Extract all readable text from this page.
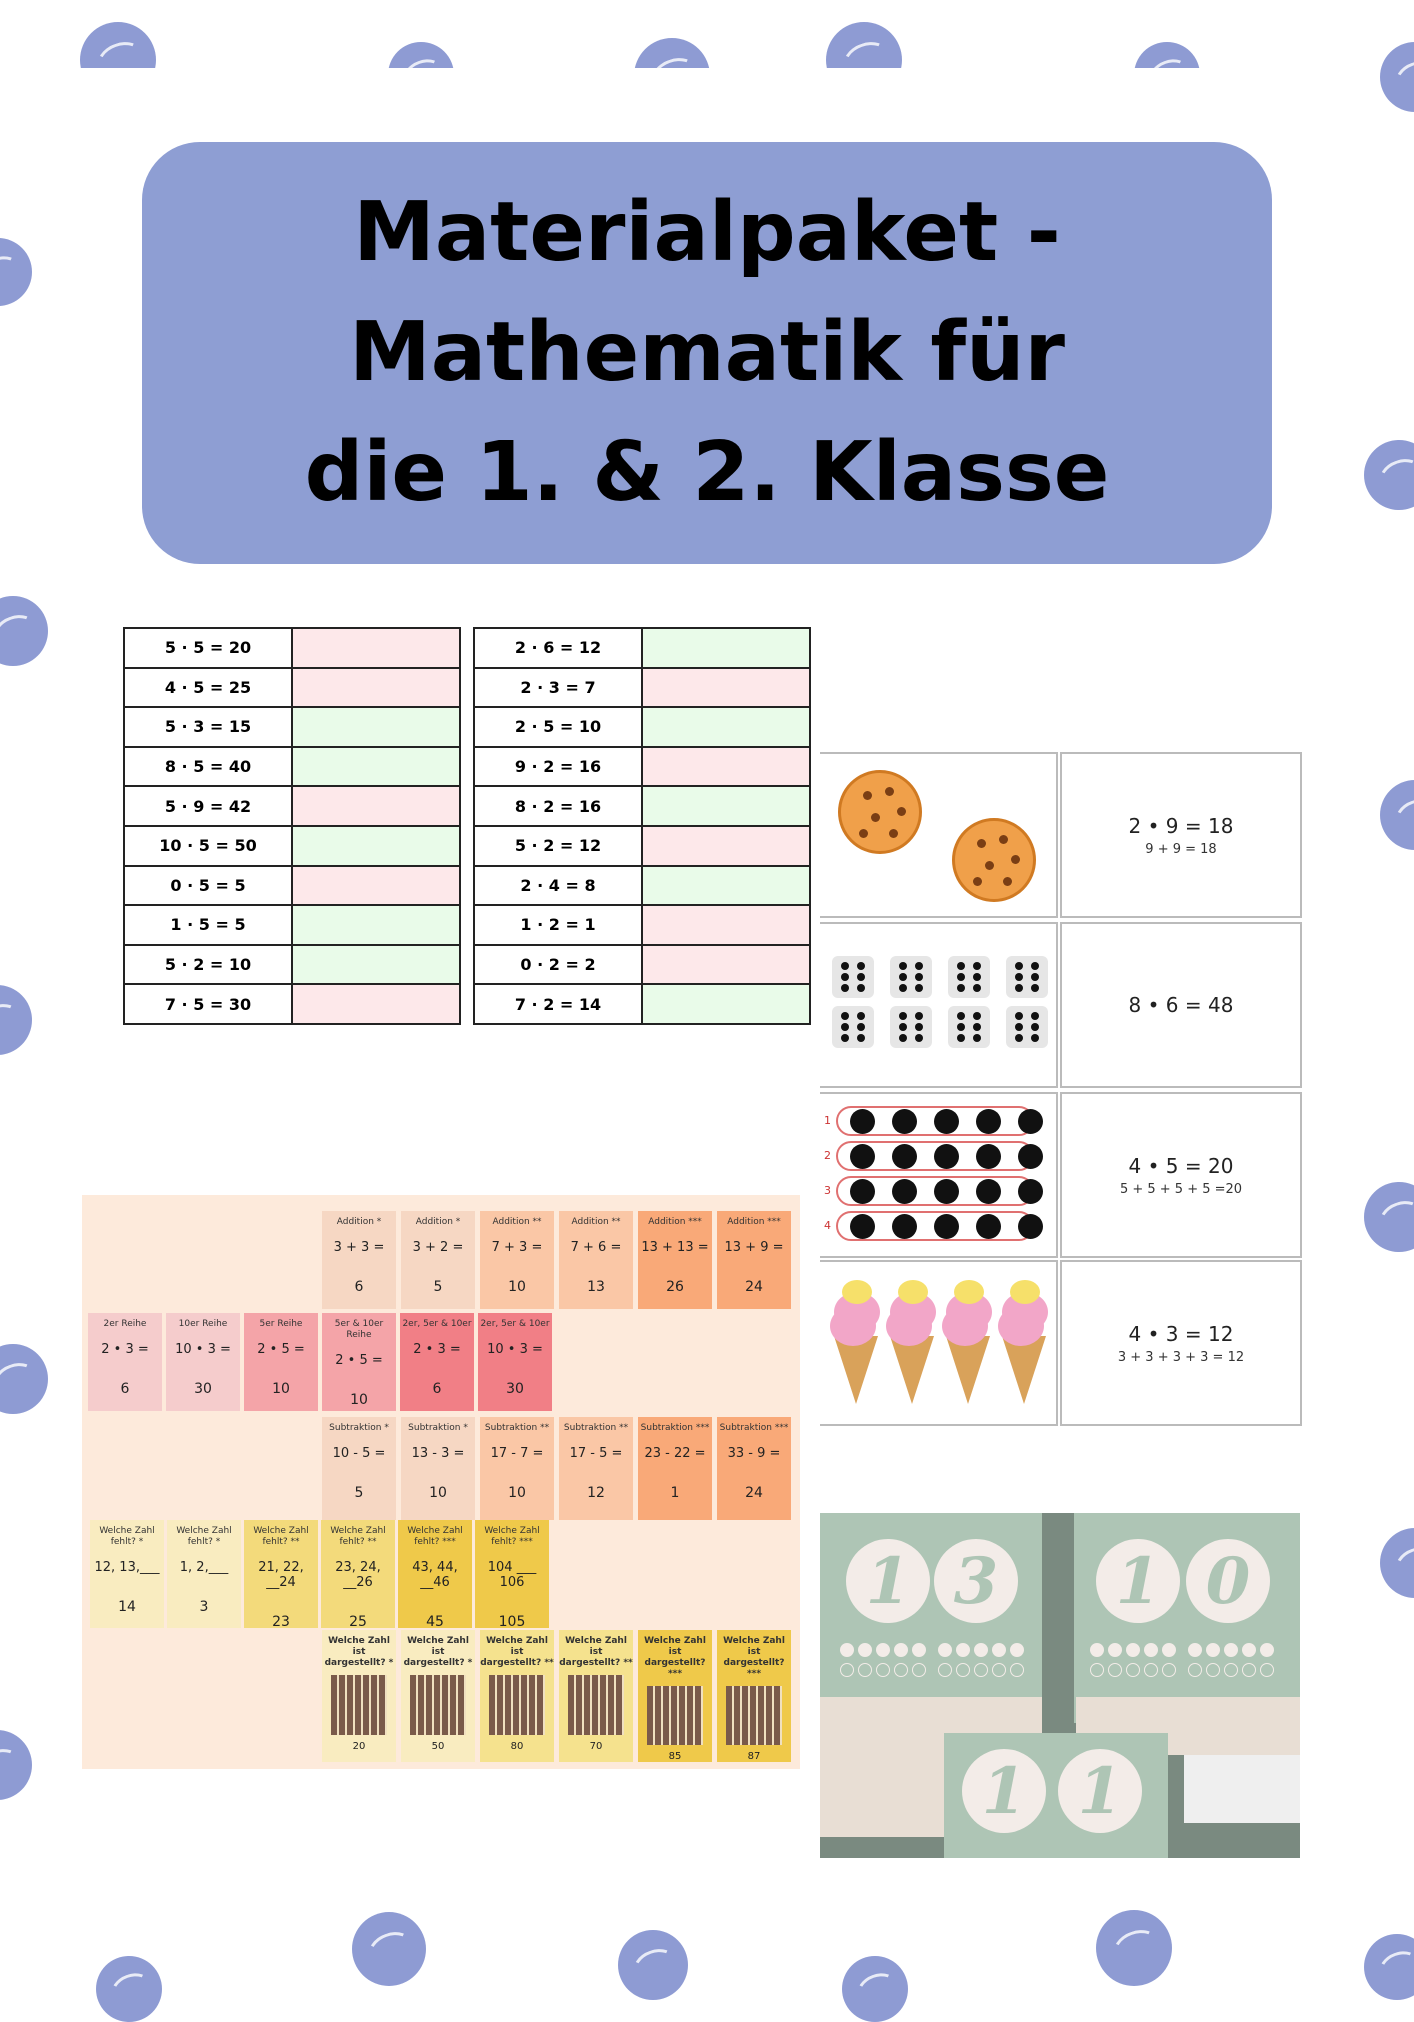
Materialpaket -
Mathematik für
die 1. & 2. Klasse
5 · 5 = 20	
4 · 5 = 25	
5 · 3 = 15	
8 · 5 = 40	
5 · 9 = 42	
10 · 5 = 50	
0 · 5 = 5	
1 · 5 = 5	
5 · 2 = 10	
7 · 5 = 30	
2 · 6 = 12	
2 · 3 = 7	
2 · 5 = 10	
9 · 2 = 16	
8 · 2 = 16	
5 · 2 = 12	
2 · 4 = 8	
1 · 2 = 1	
0 · 2 = 2	
7 · 2 = 14	
2 • 9 = 18
9 + 9 = 18
8 • 6 = 48
1
2
3
4
4 • 5 = 20
5 + 5 + 5 + 5 =20
4 • 3 = 12
3 + 3 + 3 + 3 = 12
Addition *
3 + 3 =
6
Addition *
3 + 2 =
5
Addition **
7 + 3 =
10
Addition **
7 + 6 =
13
Addition ***
13 + 13 =
26
Addition ***
13 + 9 =
24
2er Reihe
2 • 3 =
6
10er Reihe
10 • 3 =
30
5er Reihe
2 • 5 =
10
5er & 10er Reihe
2 • 5 =
10
2er, 5er & 10er
2 • 3 =
6
2er, 5er & 10er
10 • 3 =
30
Subtraktion *
10 - 5 =
5
Subtraktion *
13 - 3 =
10
Subtraktion **
17 - 7 =
10
Subtraktion **
17 - 5 =
12
Subtraktion ***
23 - 22 =
1
Subtraktion ***
33 - 9 =
24
Welche Zahl fehlt? *
12, 13,___
14
Welche Zahl fehlt? *
1, 2,___
3
Welche Zahl fehlt? **
21, 22, __24
23
Welche Zahl fehlt? **
23, 24, __26
25
Welche Zahl fehlt? ***
43, 44, __46
45
Welche Zahl fehlt? ***
104 ___ 106
105
Welche Zahl ist dargestellt? *
20
Welche Zahl ist dargestellt? *
50
Welche Zahl ist dargestellt? **
80
Welche Zahl ist dargestellt? **
70
Welche Zahl ist dargestellt? ***
85
Welche Zahl ist dargestellt? ***
87
1 3	1 0
1 1
